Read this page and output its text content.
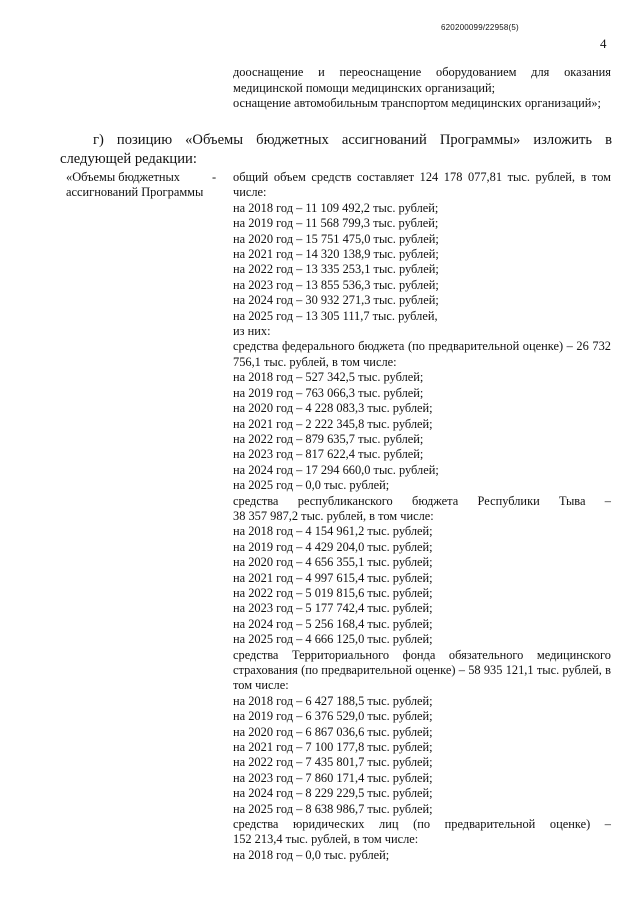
620200099/22958(5)
4

дооснащение и переоснащение оборудованием для оказания медицинской помощи медицинских организаций;

оснащение автомобильным транспортом медицинских организаций»;

г) позицию «Объемы бюджетных ассигнований Программы» изложить в следующей редакции:
«Объемы бюджетных ассигнований Программы
- общий объем средств составляет 124 178 077,81 тыс. рублей, в том числе:

на 2018 год – 11 109 492,2 тыс. рублей;

на 2019 год – 11 568 799,3 тыс. рублей;

на 2020 год – 15 751 475,0 тыс. рублей;

на 2021 год – 14 320 138,9 тыс. рублей;

на 2022 год – 13 335 253,1 тыс. рублей;

на 2023 год – 13 855 536,3 тыс. рублей;

на 2024 год – 30 932 271,3 тыс. рублей;

на 2025 год – 13 305 111,7 тыс. рублей,

из них:

средства федерального бюджета (по предварительной оценке) – 26 732 756,1 тыс. рублей, в том числе:

на 2018 год – 527 342,5 тыс. рублей;

на 2019 год – 763 066,3 тыс. рублей;

на 2020 год – 4 228 083,3 тыс. рублей;

на 2021 год – 2 222 345,8 тыс. рублей;

на 2022 год – 879 635,7 тыс. рублей;

на 2023 год – 817 622,4 тыс. рублей;

на 2024 год – 17 294 660,0 тыс. рублей;

на 2025 год – 0,0 тыс. рублей;

средства республиканского бюджета Республики Тыва –

38 357 987,2 тыс. рублей, в том числе:

на 2018 год – 4 154 961,2 тыс. рублей;

на 2019 год – 4 429 204,0 тыс. рублей;

на 2020 год – 4 656 355,1 тыс. рублей;

на 2021 год – 4 997 615,4 тыс. рублей;

на 2022 год – 5 019 815,6 тыс. рублей;

на 2023 год – 5 177 742,4 тыс. рублей;

на 2024 год – 5 256 168,4 тыс. рублей;

на 2025 год – 4 666 125,0 тыс. рублей;

средства Территориального фонда обязательного медицинского страхования (по предварительной оценке) – 58 935 121,1 тыс. рублей, в том числе:

на 2018 год – 6 427 188,5 тыс. рублей;

на 2019 год – 6 376 529,0 тыс. рублей;

на 2020 год – 6 867 036,6 тыс. рублей;

на 2021 год – 7 100 177,8 тыс. рублей;

на 2022 год – 7 435 801,7 тыс. рублей;

на 2023 год – 7 860 171,4 тыс. рублей;

на 2024 год – 8 229 229,5 тыс. рублей;

на 2025 год – 8 638 986,7 тыс. рублей;

средства юридических лиц (по предварительной оценке) –

152 213,4 тыс. рублей, в том числе:

на 2018 год – 0,0 тыс. рублей;
